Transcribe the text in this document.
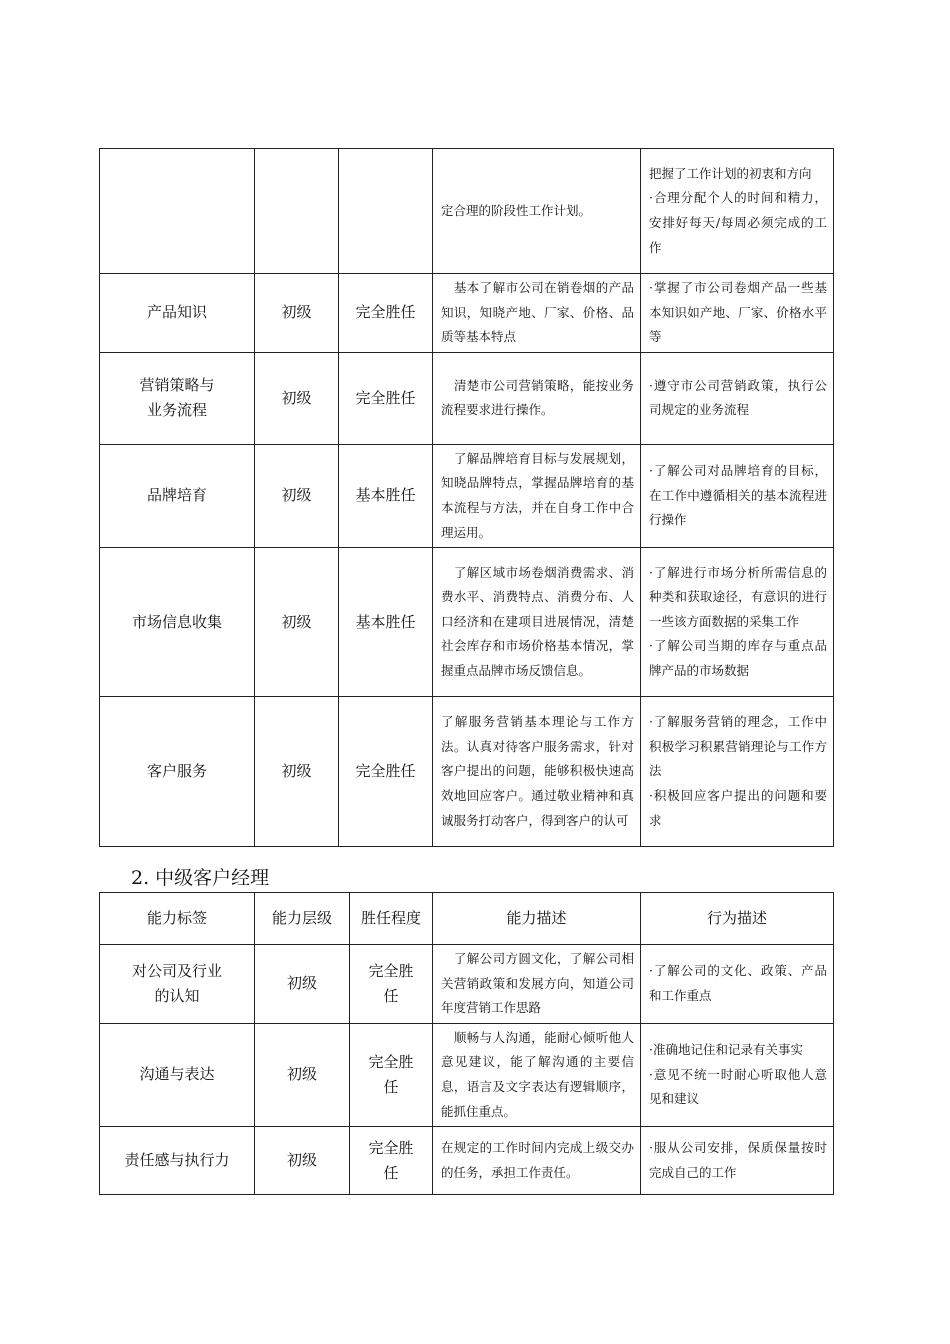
			定合理的阶段性工作计划。	把握了工作计划的初衷和方向
·合理分配个人的时间和精力，安排好每天/每周必须完成的工作
产品知识	初级	完全胜任	　基本了解市公司在销卷烟的产品知识，知晓产地、厂家、价格、品质等基本特点	·掌握了市公司卷烟产品一些基本知识如产地、厂家、价格水平等
营销策略与
业务流程	初级	完全胜任	　清楚市公司营销策略，能按业务流程要求进行操作。	·遵守市公司营销政策，执行公司规定的业务流程
品牌培育	初级	基本胜任	　了解品牌培育目标与发展规划，知晓品牌特点，掌握品牌培育的基本流程与方法，并在自身工作中合理运用。	·了解公司对品牌培育的目标，在工作中遵循相关的基本流程进行操作
市场信息收集	初级	基本胜任	　了解区域市场卷烟消费需求、消费水平、消费特点、消费分布、人口经济和在建项目进展情况，清楚社会库存和市场价格基本情况，掌握重点品牌市场反馈信息。	·了解进行市场分析所需信息的种类和获取途径，有意识的进行一些该方面数据的采集工作
·了解公司当期的库存与重点品牌产品的市场数据
客户服务	初级	完全胜任	了解服务营销基本理论与工作方法。认真对待客户服务需求，针对客户提出的问题，能够积极快速高效地回应客户。通过敬业精神和真诚服务打动客户，得到客户的认可	·了解服务营销的理念，工作中积极学习积累营销理论与工作方法
·积极回应客户提出的问题和要求
2. 中级客户经理
能力标签	能力层级	胜任程度	能力描述	行为描述
对公司及行业
的认知	初级	完全胜
任	　了解公司方圆文化，了解公司相关营销政策和发展方向，知道公司年度营销工作思路	·了解公司的文化、政策、产品和工作重点
沟通与表达	初级	完全胜
任	　顺畅与人沟通，能耐心倾听他人意见建议，能了解沟通的主要信息，语言及文字表达有逻辑顺序，能抓住重点。	·准确地记住和记录有关事实
·意见不统一时耐心听取他人意见和建议
责任感与执行力	初级	完全胜
任	在规定的工作时间内完成上级交办的任务，承担工作责任。	·服从公司安排，保质保量按时完成自己的工作
